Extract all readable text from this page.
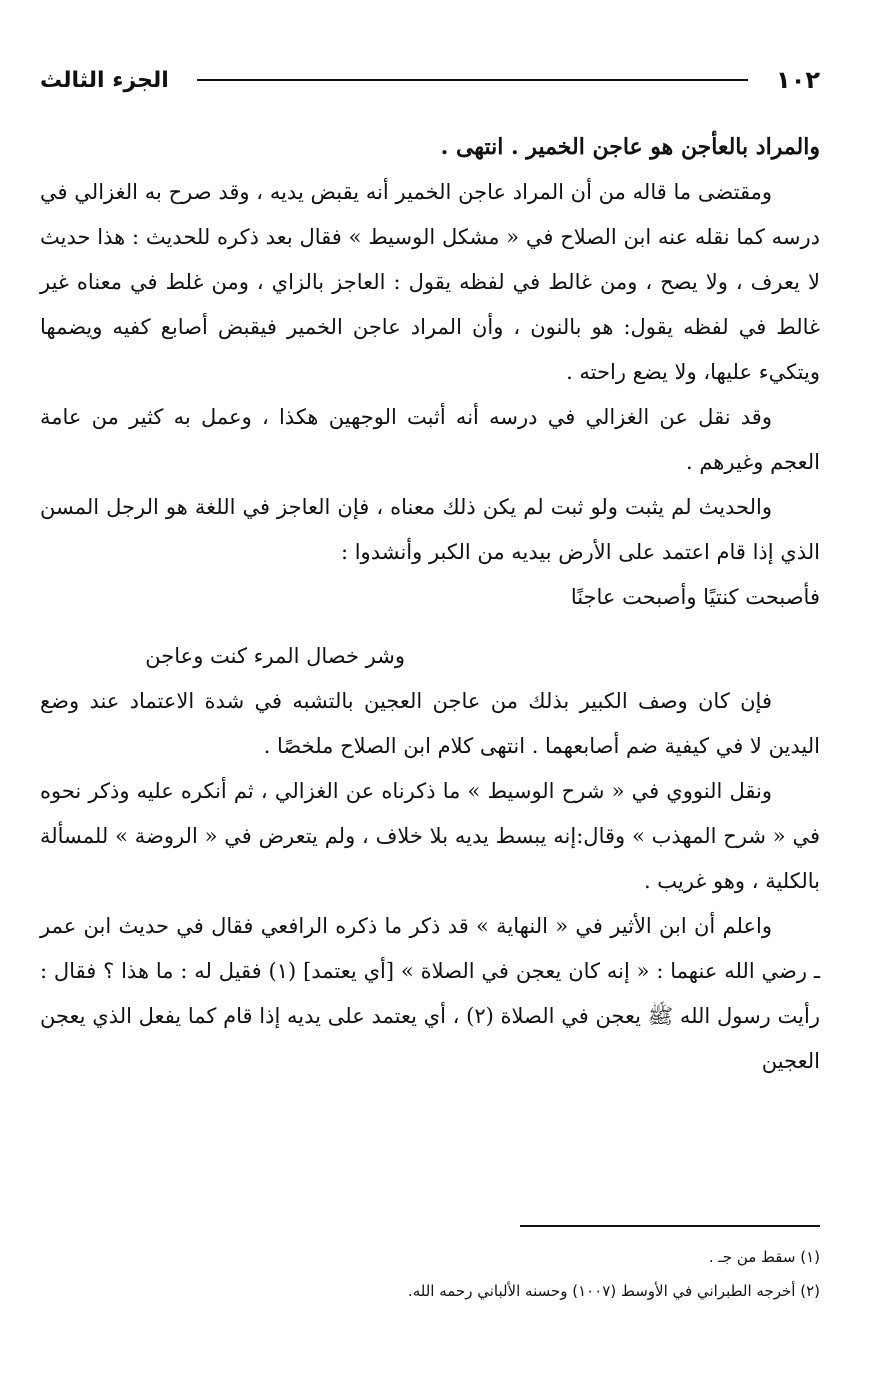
١٠٢
الجزء الثالث

والمراد بالعأجن هو عاجن الخمير . انتهى .

ومقتضى ما قاله من أن المراد عاجن الخمير أنه يقبض يديه ، وقد صرح به الغزالي في درسه كما نقله عنه ابن الصلاح في « مشكل الوسيط » فقال بعد ذكره للحديث : هذا حديث لا يعرف ، ولا يصح ، ومن غالط في لفظه يقول : العاجز بالزاي ، ومن غلط في معناه غير غالط في لفظه يقول: هو بالنون ، وأن المراد عاجن الخمير فيقبض أصابع كفيه ويضمها ويتكيء عليها، ولا يضع راحته .

وقد نقل عن الغزالي في درسه أنه أثبت الوجهين هكذا ، وعمل به كثير من عامة العجم وغيرهم .

والحديث لم يثبت ولو ثبت لم يكن ذلك معناه ، فإن العاجز في اللغة هو الرجل المسن الذي إذا قام اعتمد على الأرض بيديه من الكبر وأنشدوا :

فأصبحت كنتيًا وأصبحت عاجنًا
وشر خصال المرء كنت وعاجن

فإن كان وصف الكبير بذلك من عاجن العجين بالتشبه في شدة الاعتماد عند وضع اليدين لا في كيفية ضم أصابعهما . انتهى كلام ابن الصلاح ملخصًا .

ونقل النووي في « شرح الوسيط » ما ذكرناه عن الغزالي ، ثم أنكره عليه وذكر نحوه في « شرح المهذب » وقال:إنه يبسط يديه بلا خلاف ، ولم يتعرض في « الروضة » للمسألة بالكلية ، وهو غريب .

واعلم أن ابن الأثير في « النهاية » قد ذكر ما ذكره الرافعي فقال في حديث ابن عمر ـ رضي الله عنهما : « إنه كان يعجن في الصلاة » [أي يعتمد] (١) فقيل له : ما هذا ؟ فقال : رأيت رسول الله ﷺ يعجن في الصلاة (٢) ، أي يعتمد على يديه إذا قام كما يفعل الذي يعجن العجين

(١) سقط من جـ .
(٢) أخرجه الطبراني في الأوسط (١٠٠٧) وحسنه الألباني رحمه الله.
